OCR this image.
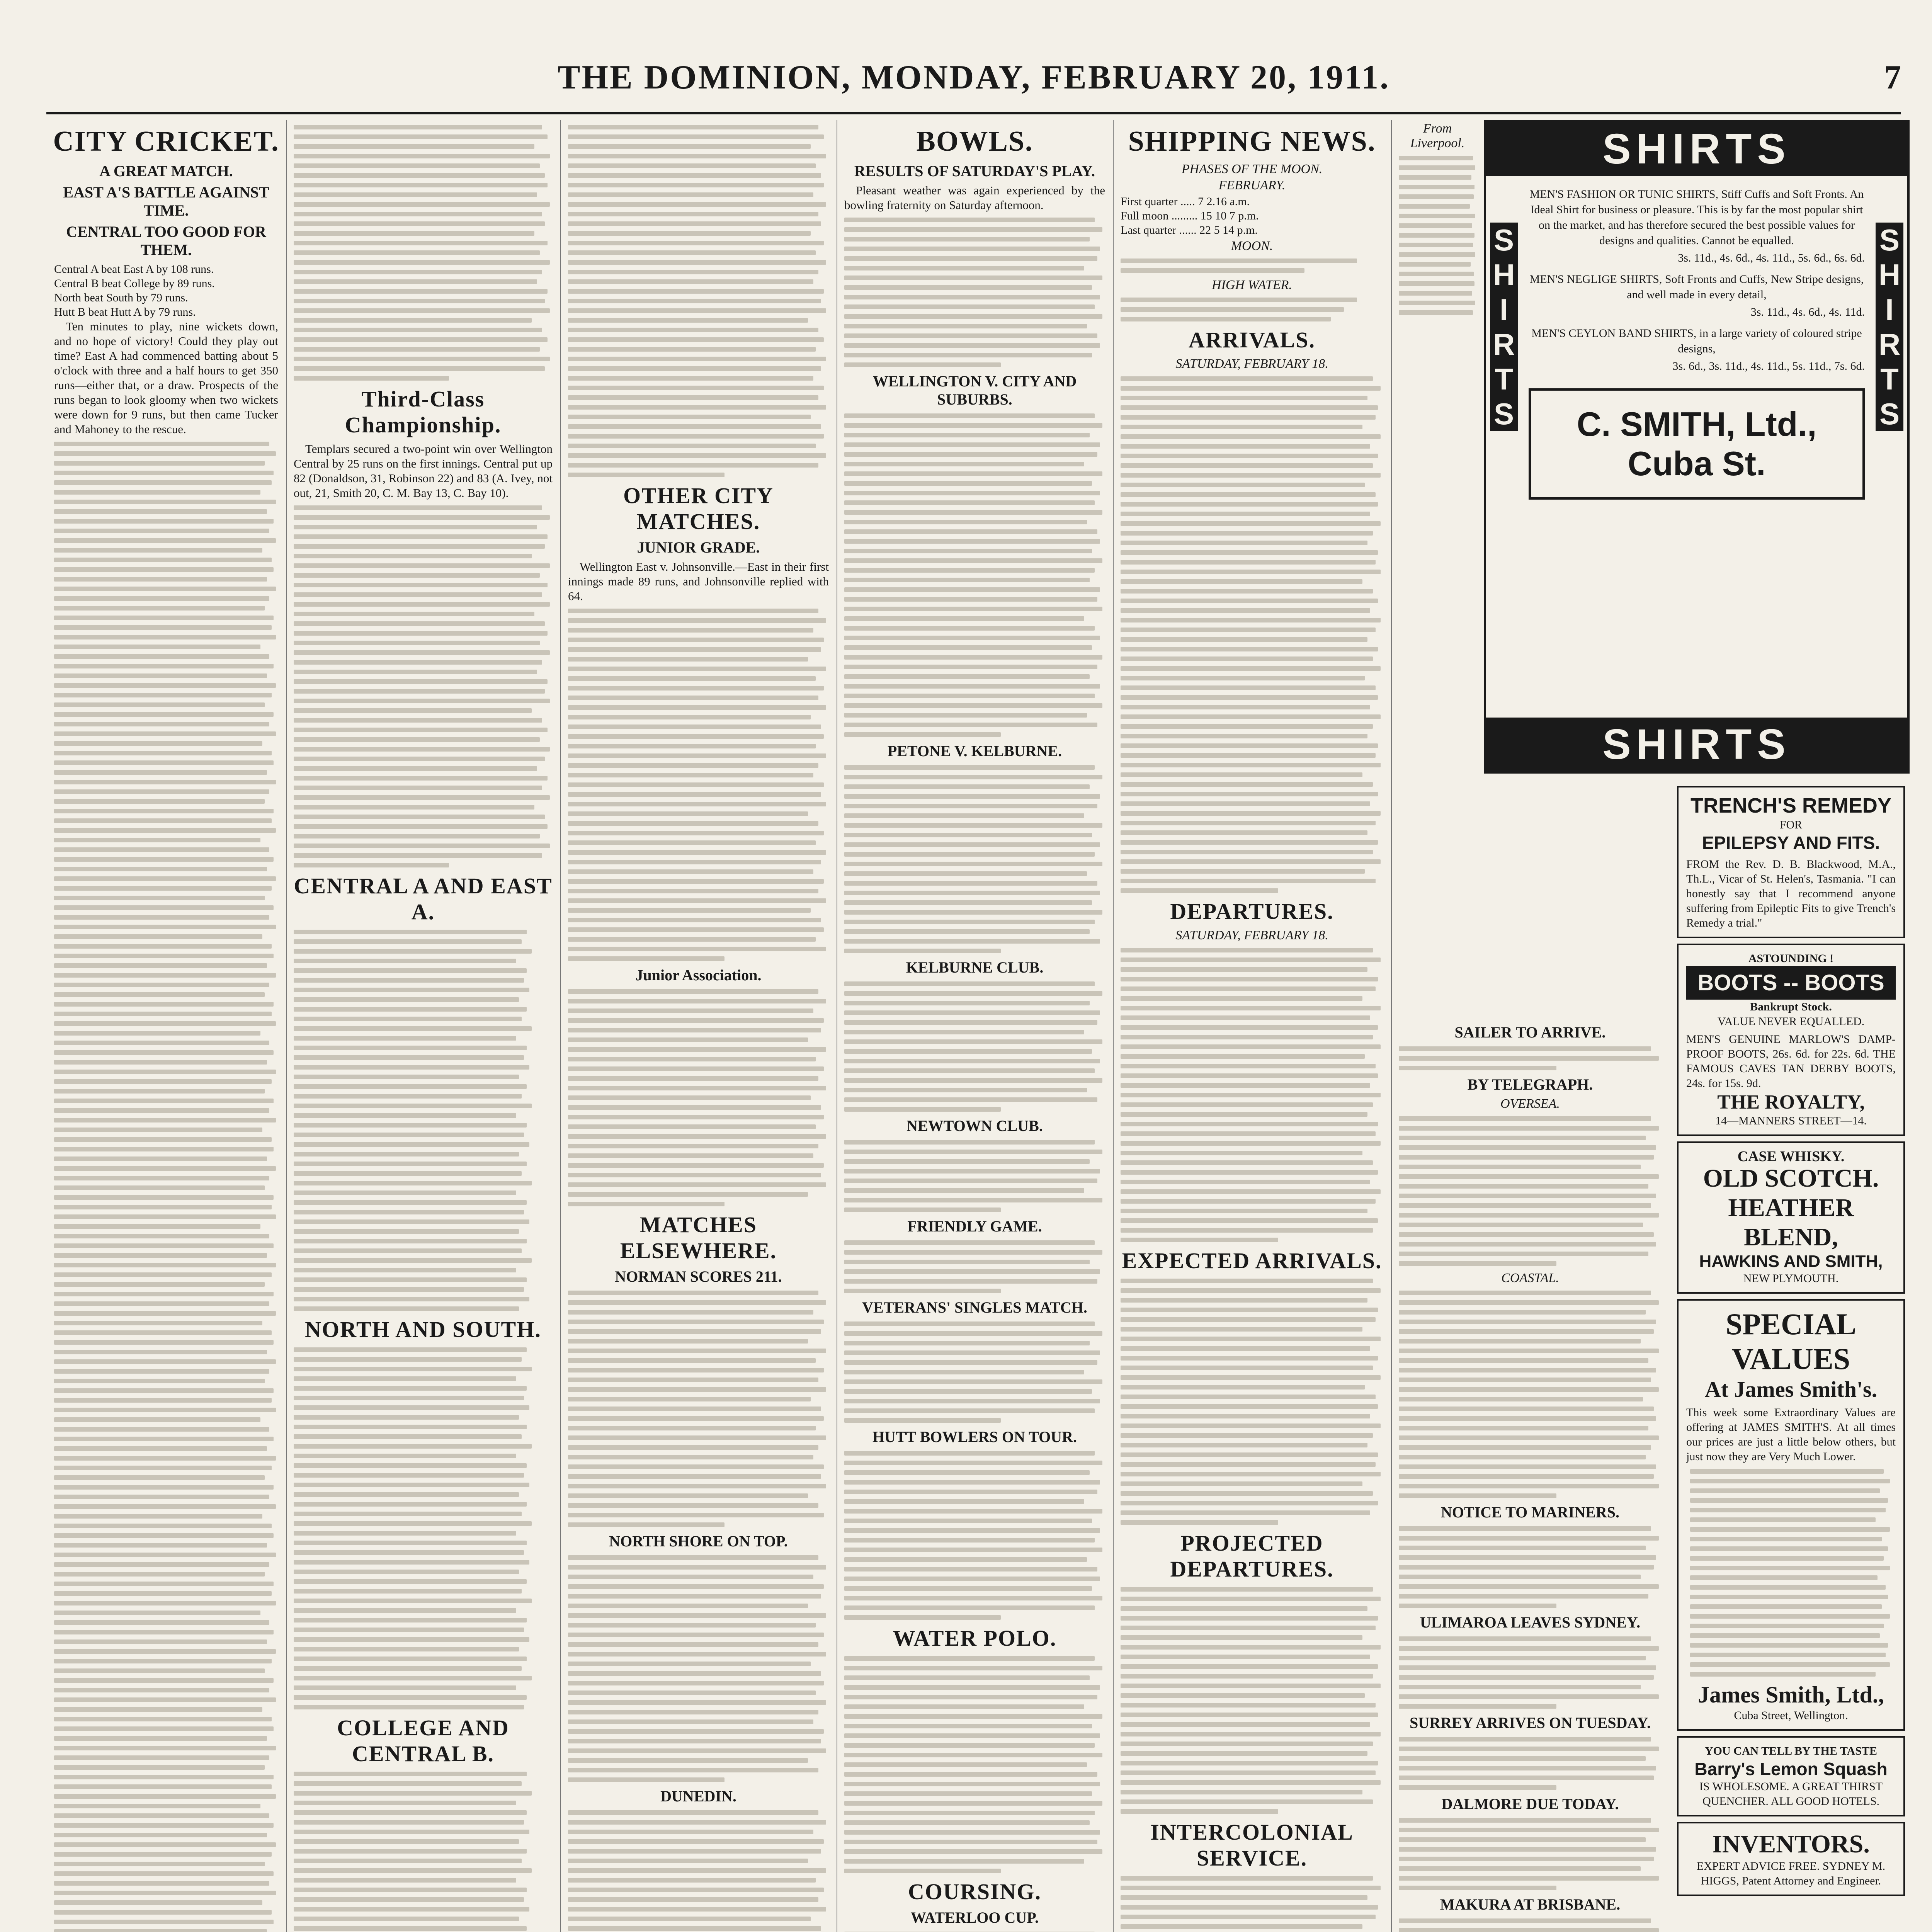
THE DOMINION, MONDAY, FEBRUARY 20, 1911.	7
CITY CRICKET.
A GREAT MATCH.
EAST A'S BATTLE AGAINST TIME.
CENTRAL TOO GOOD FOR THEM.
Central A beat East A by 108 runs.
Central B beat College by 89 runs.
North beat South by 79 runs.
Hutt B beat Hutt A by 79 runs.

Ten minutes to play, nine wickets down, and no hope of victory! Could they play out time? East A had commenced batting about 5 o'clock with three and a half hours to get 350 runs—either that, or a draw. Prospects of the runs began to look gloomy when two wickets were down for 9 runs, but then came Tucker and Mahoney to the rescue.

Third-Class Championship.

Templars secured a two-point win over Wellington Central by 25 runs on the first innings. Central put up 82 (Donaldson, 31, Robinson 22) and 83 (A. Ivey, not out, 21, Smith 20, C. M. Bay 13, C. Bay 10).

CENTRAL A AND EAST A.
NORTH AND SOUTH.
COLLEGE AND CENTRAL B.
OTHER CITY MATCHES.
JUNIOR GRADE.

Wellington East v. Johnsonville.—East in their first innings made 89 runs, and Johnsonville replied with 64.

Junior Association.
MATCHES ELSEWHERE.
NORMAN SCORES 211.
NORTH SHORE ON TOP.
DUNEDIN.
BOWLS.
RESULTS OF SATURDAY'S PLAY.

Pleasant weather was again experienced by the bowling fraternity on Saturday afternoon.

WELLINGTON V. CITY AND SUBURBS.
PETONE V. KELBURNE.
KELBURNE CLUB.
NEWTOWN CLUB.
FRIENDLY GAME.
VETERANS' SINGLES MATCH.
HUTT BOWLERS ON TOUR.
WATER POLO.
COURSING.
WATERLOO CUP.
SHIPPING NEWS.
PHASES OF THE MOON.
FEBRUARY.
First quarter ..... 7 2.16 a.m.
Full moon ......... 15 10 7 p.m.
Last quarter ...... 22 5 14 p.m.
MOON.
HIGH WATER.
ARRIVALS.
SATURDAY, FEBRUARY 18.
DEPARTURES.
SATURDAY, FEBRUARY 18.
EXPECTED ARRIVALS.
PROJECTED DEPARTURES.
INTERCOLONIAL SERVICE.
From Liverpool.
SAILER TO ARRIVE.
BY TELEGRAPH.
OVERSEA.
COASTAL.
NOTICE TO MARINERS.
ULIMAROA LEAVES SYDNEY.
SURREY ARRIVES ON TUESDAY.
DALMORE DUE TODAY.
MAKURA AT BRISBANE.
SHIRTS
MEN'S FASHION OR TUNIC SHIRTS, Stiff Cuffs and Soft Fronts. An Ideal Shirt for business or pleasure. This is by far the most popular shirt on the market, and has therefore secured the best possible values for designs and qualities. Cannot be equalled.
3s. 11d., 4s. 6d., 4s. 11d., 5s. 6d., 6s. 6d.
MEN'S NEGLIGE SHIRTS, Soft Fronts and Cuffs, New Stripe designs, and well made in every detail,
3s. 11d., 4s. 6d., 4s. 11d.
MEN'S CEYLON BAND SHIRTS, in a large variety of coloured stripe designs,
3s. 6d., 3s. 11d., 4s. 11d., 5s. 11d., 7s. 6d.
C. SMITH, Ltd., Cuba St.
S
H
I
R
T
S
S
H
I
R
T
S
SHIRTS
TRENCH'S REMEDY
FOR
EPILEPSY AND FITS.
FROM the Rev. D. B. Blackwood, M.A., Th.L., Vicar of St. Helen's, Tasmania. "I can honestly say that I recommend anyone suffering from Epileptic Fits to give Trench's Remedy a trial."
ASTOUNDING !
BOOTS -- BOOTS
Bankrupt Stock.
VALUE NEVER EQUALLED.
MEN'S GENUINE MARLOW'S DAMP-PROOF BOOTS, 26s. 6d. for 22s. 6d. THE FAMOUS CAVES TAN DERBY BOOTS, 24s. for 15s. 9d.
THE ROYALTY,
14—MANNERS STREET—14.
CASE WHISKY.
OLD SCOTCH.
HEATHER BLEND,
HAWKINS AND SMITH,
NEW PLYMOUTH.
SPECIAL VALUES
At James Smith's.
This week some Extraordinary Values are offering at JAMES SMITH'S. At all times our prices are just a little below others, but just now they are Very Much Lower.
James Smith, Ltd.,
Cuba Street, Wellington.
YOU CAN TELL BY THE TASTE
Barry's Lemon Squash
IS WHOLESOME. A GREAT THIRST QUENCHER. ALL GOOD HOTELS.
INVENTORS.
EXPERT ADVICE FREE. SYDNEY M. HIGGS, Patent Attorney and Engineer.
